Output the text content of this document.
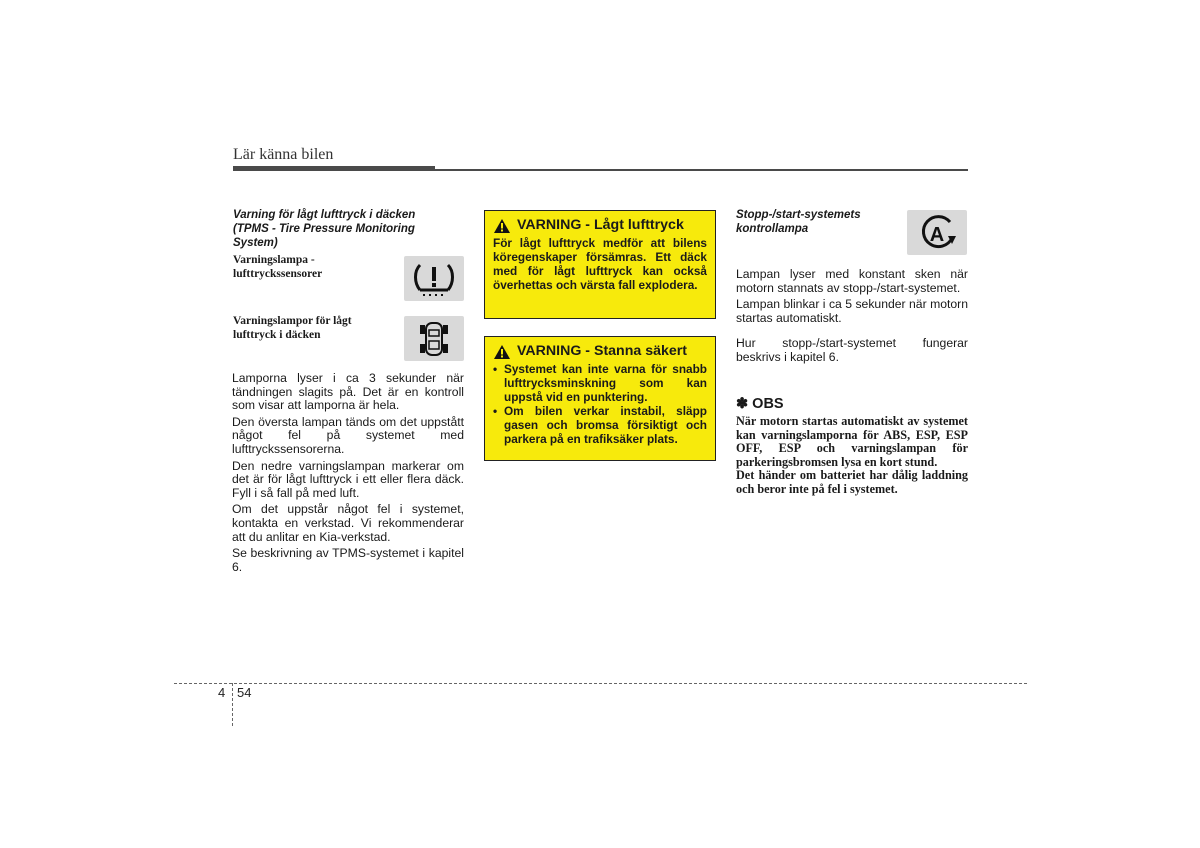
Lär känna bilen
Varning för lågt lufttryck i däcken (TPMS - Tire Pressure Monitoring System)
Varningslampa - lufttryckssensorer
Varningslampor för lågt lufttryck i däcken

Lamporna lyser i ca 3 sekunder när tändningen slagits på. Det är en kontroll som visar att lamporna är hela.

Den översta lampan tänds om det uppstått något fel på systemet med lufttryckssensorerna.

Den nedre varningslampan markerar om det är för lågt lufttryck i ett eller flera däck. Fyll i så fall på med luft.

Om det uppstår något fel i systemet, kontakta en verkstad. Vi rekommenderar att du anlitar en Kia-verkstad.

Se beskrivning av TPMS-systemet i kapitel 6.

VARNING - Lågt lufttryck
För lågt lufttryck medför att bilens köregenskaper försämras. Ett däck med för lågt lufttryck kan också överhettas och värsta fall explodera.
VARNING - Stanna säkert
• Systemet kan inte varna för snabb lufttrycksminskning som kan uppstå vid en punktering.
• Om bilen verkar instabil, släpp gasen och bromsa försiktigt och parkera på en trafiksäker plats.
Stopp-/start-systemets kontrollampa	A

Lampan lyser med konstant sken när motorn stannats av stopp-/start-systemet.

Lampan blinkar i ca 5 sekunder när motorn startas automatiskt.

Hur stopp-/start-systemet fungerar beskrivs i kapitel 6.

✽ OBS

När motorn startas automatiskt av systemet kan varningslamporna för ABS, ESP, ESP OFF, ESP och varningslampan för parkeringsbromsen lysa en kort stund.

Det händer om batteriet har dålig laddning och beror inte på fel i systemet.

4 54
